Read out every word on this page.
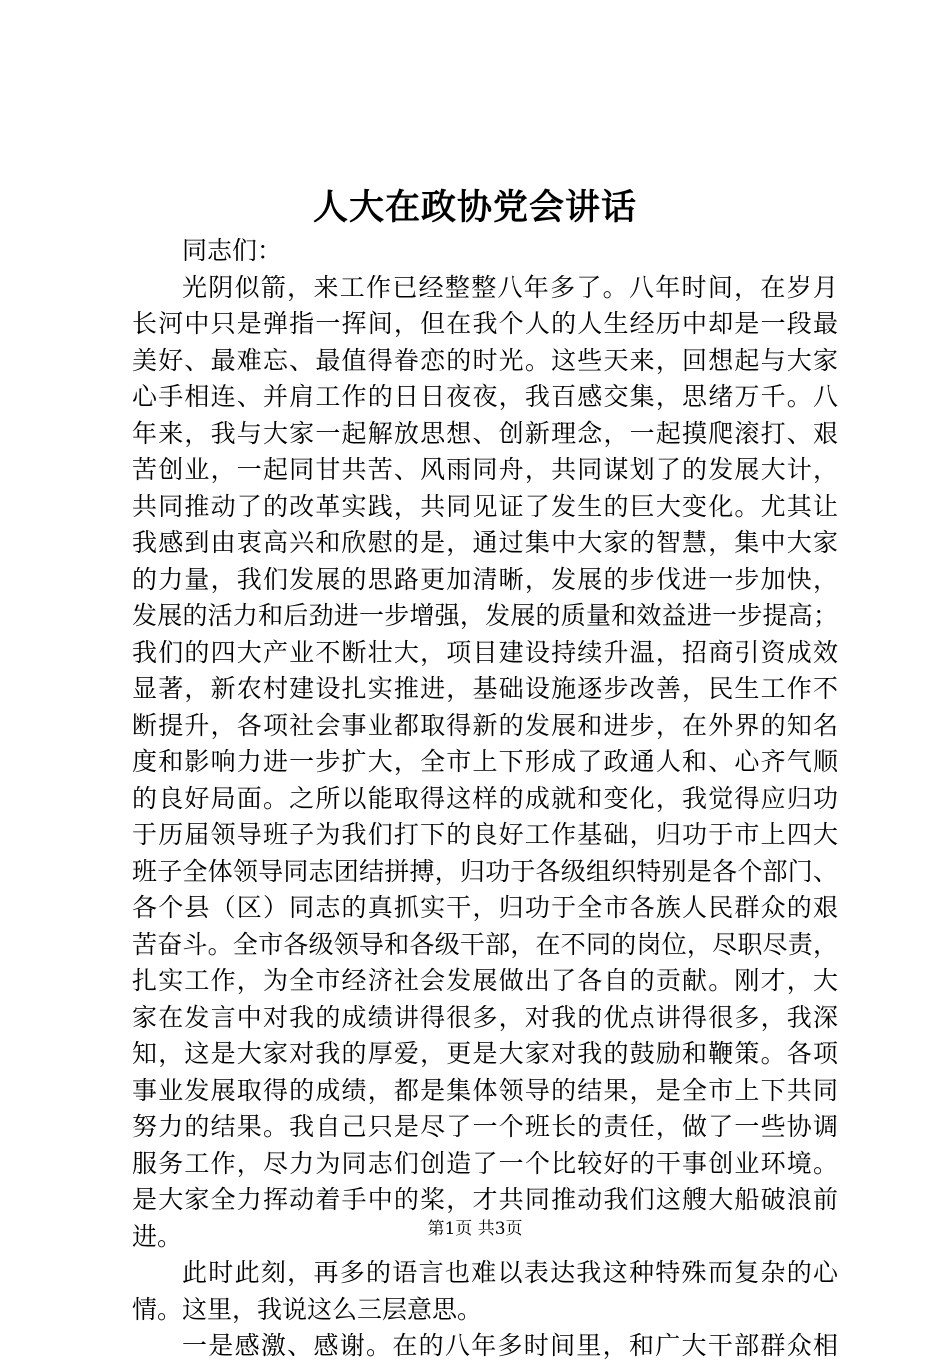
人大在政协党会讲话
同志们：
光阴似箭，来工作已经整整八年多了。八年时间，在岁月
长河中只是弹指一挥间，但在我个人的人生经历中却是一段最
美好、最难忘、最值得眷恋的时光。这些天来，回想起与大家
心手相连、并肩工作的日日夜夜，我百感交集，思绪万千。八
年来，我与大家一起解放思想、创新理念，一起摸爬滚打、艰
苦创业，一起同甘共苦、风雨同舟，共同谋划了的发展大计，
共同推动了的改革实践，共同见证了发生的巨大变化。尤其让
我感到由衷高兴和欣慰的是，通过集中大家的智慧，集中大家
的力量，我们发展的思路更加清晰，发展的步伐进一步加快，
发展的活力和后劲进一步增强，发展的质量和效益进一步提高；
我们的四大产业不断壮大，项目建设持续升温，招商引资成效
显著，新农村建设扎实推进，基础设施逐步改善，民生工作不
断提升，各项社会事业都取得新的发展和进步，在外界的知名
度和影响力进一步扩大，全市上下形成了政通人和、心齐气顺
的良好局面。之所以能取得这样的成就和变化，我觉得应归功
于历届领导班子为我们打下的良好工作基础，归功于市上四大
班子全体领导同志团结拼搏，归功于各级组织特别是各个部门、
各个县（区）同志的真抓实干，归功于全市各族人民群众的艰
苦奋斗。全市各级领导和各级干部，在不同的岗位，尽职尽责，
扎实工作，为全市经济社会发展做出了各自的贡献。刚才，大
家在发言中对我的成绩讲得很多，对我的优点讲得很多，我深
知，这是大家对我的厚爱，更是大家对我的鼓励和鞭策。各项
事业发展取得的成绩，都是集体领导的结果，是全市上下共同
努力的结果。我自己只是尽了一个班长的责任，做了一些协调
服务工作，尽力为同志们创造了一个比较好的干事创业环境。
是大家全力挥动着手中的桨，才共同推动我们这艘大船破浪前
进。
此时此刻，再多的语言也难以表达我这种特殊而复杂的心
情。这里，我说这么三层意思。
一是感激、感谢。在的八年多时间里，和广大干部群众相
第1页 共3页
